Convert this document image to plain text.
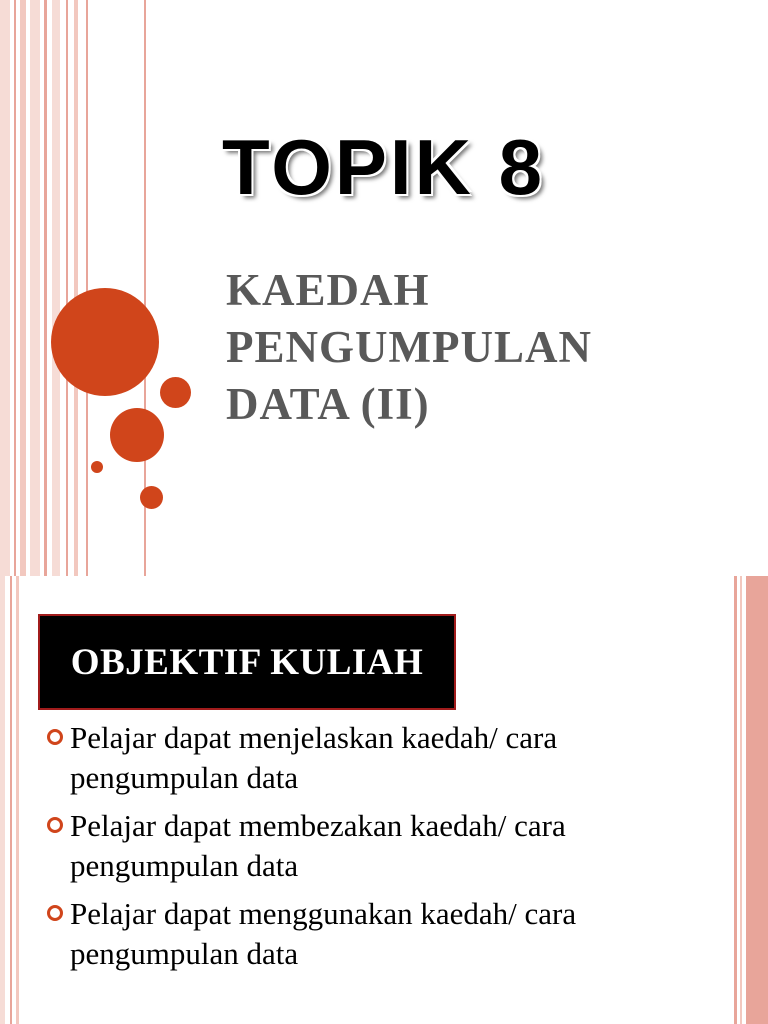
TOPIK 8

KAEDAH
PENGUMPULAN
DATA (II)

OBJEKTIF KULIAH
Pelajar dapat menjelaskan kaedah/ cara pengumpulan data
Pelajar dapat membezakan kaedah/ cara pengumpulan data
Pelajar dapat menggunakan kaedah/ cara pengumpulan data
